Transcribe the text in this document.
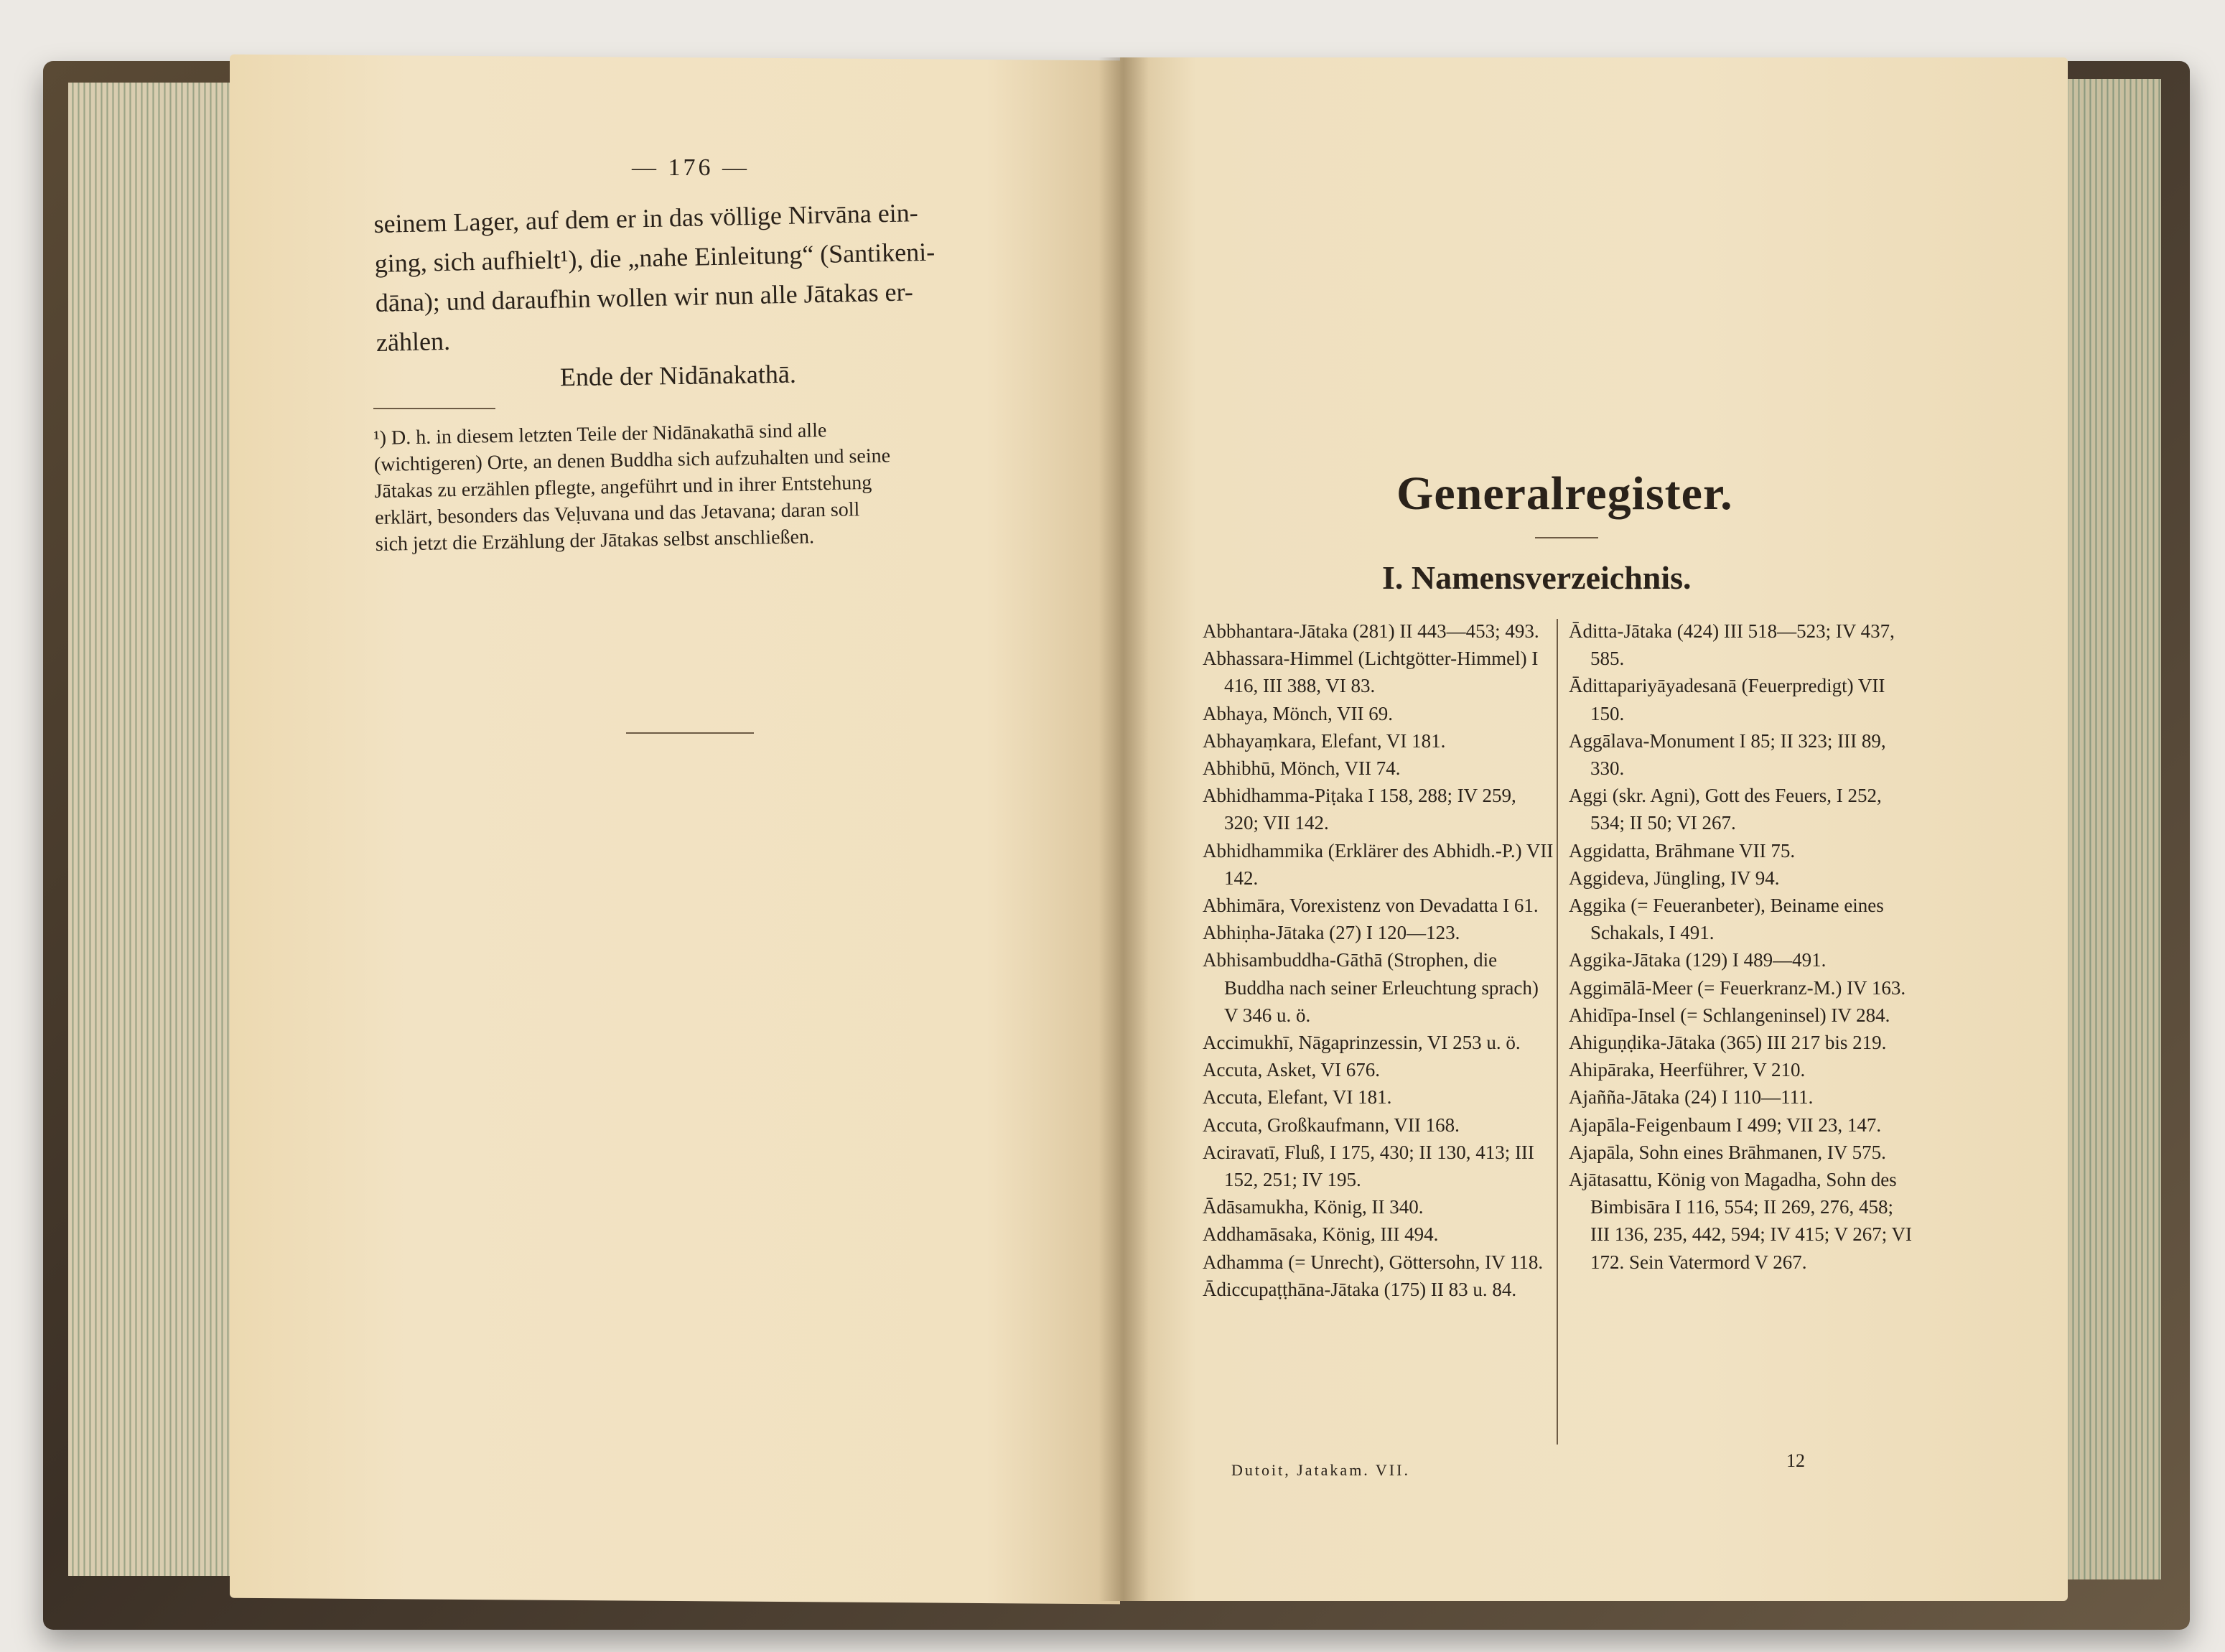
— 176 —
seinem Lager, auf dem er in das völlige Nirvāna ein-
ging, sich aufhielt¹), die „nahe Einleitung“ (Santikeni-
dāna); und daraufhin wollen wir nun alle Jātakas er-
zählen.
Ende der Nidānakathā.
¹) D. h. in diesem letzten Teile der Nidānakathā sind alle
(wichtigeren) Orte, an denen Buddha sich aufzuhalten und seine
Jātakas zu erzählen pflegte, angeführt und in ihrer Entstehung
erklärt, besonders das Veḷuvana und das Jetavana; daran soll
sich jetzt die Erzählung der Jātakas selbst anschließen.
Generalregister.
I. Namensverzeichnis.
Abbhantara-Jātaka (281) II 443—453; 493.
Abhassara-Himmel (Lichtgötter-Himmel) I 416, III 388, VI 83.
Abhaya, Mönch, VII 69.
Abhayaṃkara, Elefant, VI 181.
Abhibhū, Mönch, VII 74.
Abhidhamma-Piṭaka I 158, 288; IV 259, 320; VII 142.
Abhidhammika (Erklärer des Abhidh.-P.) VII 142.
Abhimāra, Vorexistenz von Devadatta I 61.
Abhiṇha-Jātaka (27) I 120—123.
Abhisambuddha-Gāthā (Strophen, die Buddha nach seiner Erleuchtung sprach) V 346 u. ö.
Accimukhī, Nāgaprinzessin, VI 253 u. ö.
Accuta, Asket, VI 676.
Accuta, Elefant, VI 181.
Accuta, Großkaufmann, VII 168.
Aciravatī, Fluß, I 175, 430; II 130, 413; III 152, 251; IV 195.
Ādāsamukha, König, II 340.
Addhamāsaka, König, III 494.
Adhamma (= Unrecht), Göttersohn, IV 118.
Ādiccupaṭṭhāna-Jātaka (175) II 83 u. 84.
Āditta-Jātaka (424) III 518—523; IV 437, 585.
Ādittapariyāyadesanā (Feuerpredigt) VII 150.
Aggālava-Monument I 85; II 323; III 89, 330.
Aggi (skr. Agni), Gott des Feuers, I 252, 534; II 50; VI 267.
Aggidatta, Brāhmane VII 75.
Aggideva, Jüngling, IV 94.
Aggika (= Feueranbeter), Beiname eines Schakals, I 491.
Aggika-Jātaka (129) I 489—491.
Aggimālā-Meer (= Feuerkranz-M.) IV 163.
Ahidīpa-Insel (= Schlangeninsel) IV 284.
Ahiguṇḍika-Jātaka (365) III 217 bis 219.
Ahipāraka, Heerführer, V 210.
Ajañña-Jātaka (24) I 110—111.
Ajapāla-Feigenbaum I 499; VII 23, 147.
Ajapāla, Sohn eines Brāhmanen, IV 575.
Ajātasattu, König von Magadha, Sohn des Bimbisāra I 116, 554; II 269, 276, 458; III 136, 235, 442, 594; IV 415; V 267; VI 172. Sein Vatermord V 267.
Dutoit, Jatakam. VII.	12
